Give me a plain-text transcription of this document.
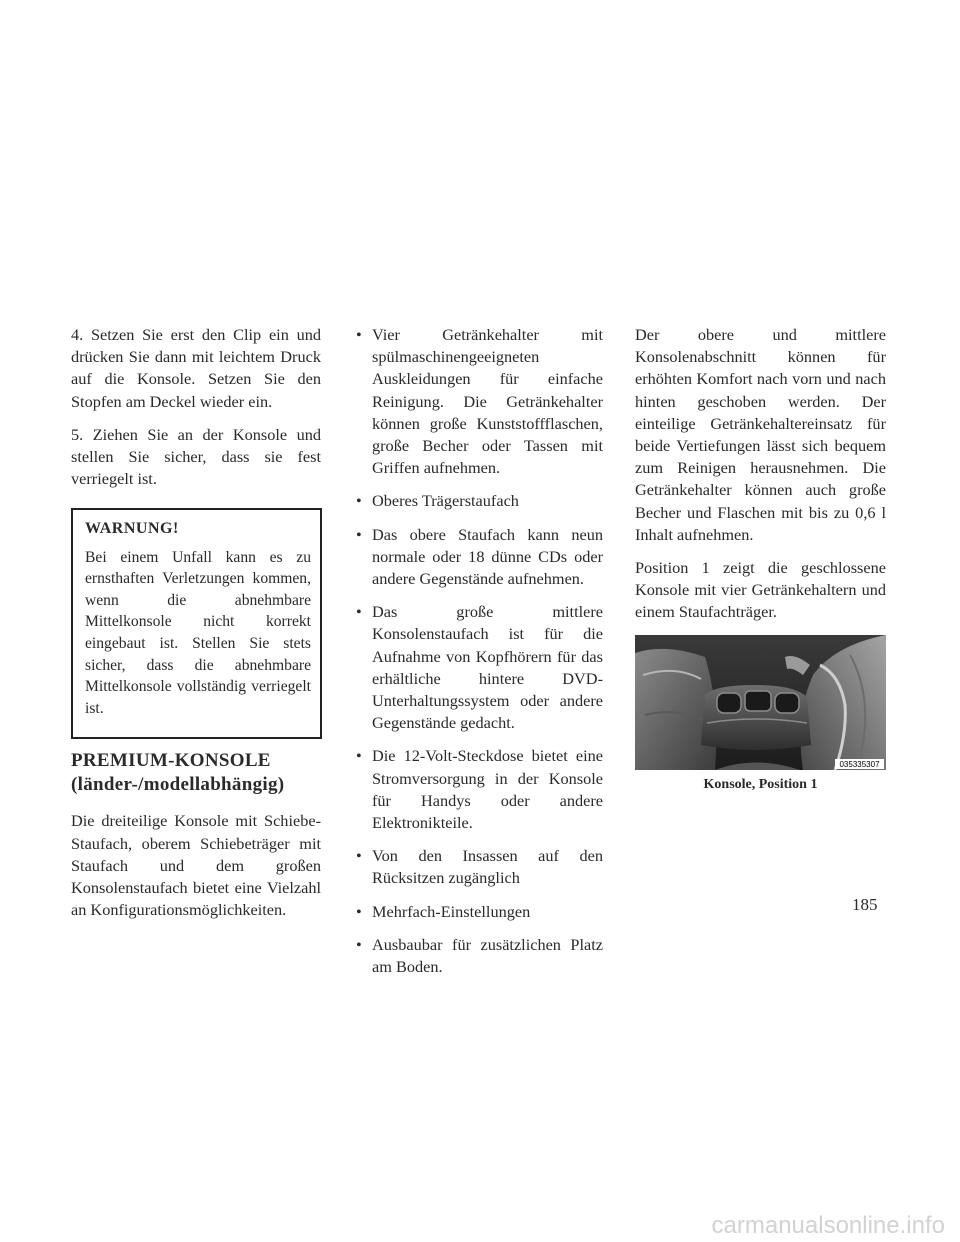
4. Setzen Sie erst den Clip ein und drücken Sie dann mit leichtem Druck auf die Konsole. Setzen Sie den Stopfen am Deckel wieder ein.

5. Ziehen Sie an der Konsole und stellen Sie sicher, dass sie fest verriegelt ist.

WARNUNG!

Bei einem Unfall kann es zu ernsthaften Verletzungen kommen, wenn die abnehmbare Mittelkonsole nicht korrekt eingebaut ist. Stellen Sie stets sicher, dass die abnehmbare Mittelkonsole vollständig verriegelt ist.

PREMIUM-KONSOLE
(länder-/modellabhängig)

Die dreiteilige Konsole mit Schiebe-Staufach, oberem Schiebeträger mit Staufach und dem großen Konsolenstaufach bietet eine Vielzahl an Konfigurationsmöglichkeiten.

• Vier Getränkehalter mit spülmaschinengeeigneten Auskleidungen für einfache Reinigung. Die Getränkehalter können große Kunststoffflaschen, große Becher oder Tassen mit Griffen aufnehmen.
• Oberes Trägerstaufach
• Das obere Staufach kann neun normale oder 18 dünne CDs oder andere Gegenstände aufnehmen.
• Das große mittlere Konsolenstaufach ist für die Aufnahme von Kopfhörern für das erhältliche hintere DVD-Unterhaltungssystem oder andere Gegenstände gedacht.
• Die 12-Volt-Steckdose bietet eine Stromversorgung in der Konsole für Handys oder andere Elektronikteile.
• Von den Insassen auf den Rücksitzen zugänglich
• Mehrfach-Einstellungen
• Ausbaubar für zusätzlichen Platz am Boden.

Der obere und mittlere Konsolenabschnitt können für erhöhten Komfort nach vorn und nach hinten geschoben werden. Der einteilige Getränkehaltereinsatz für beide Vertiefungen lässt sich bequem zum Reinigen herausnehmen. Die Getränkehalter können auch große Becher und Flaschen mit bis zu 0,6 l Inhalt aufnehmen.

Position 1 zeigt die geschlossene Konsole mit vier Getränkehaltern und einem Staufachträger.

035335307
Konsole, Position 1
185
carmanualsonline.info
